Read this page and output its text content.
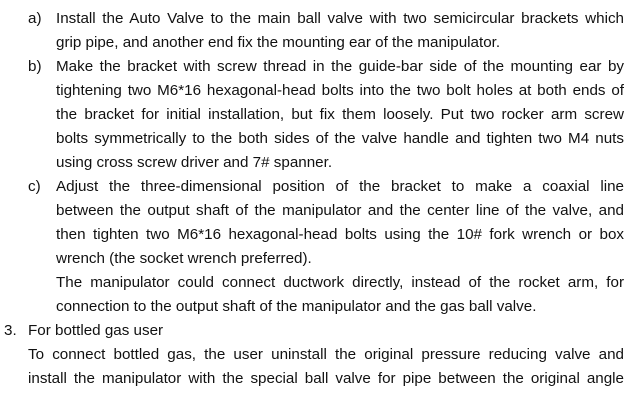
a) Install the Auto Valve to the main ball valve with two semicircular brackets which
grip pipe, and another end fix the mounting ear of the manipulator.
b) Make the bracket with screw thread in the guide-bar side of the mounting ear by
tightening two M6*16 hexagonal-head bolts into the two bolt holes at both ends of
the bracket for initial installation, but fix them loosely. Put two rocker arm screw
bolts symmetrically to the both sides of the valve handle and tighten two M4 nuts
using cross screw driver and 7# spanner.
c) Adjust the three-dimensional position of the bracket to make a coaxial line
between the output shaft of the manipulator and the center line of the valve, and
then tighten two M6*16 hexagonal-head bolts using the 10# fork wrench or box
wrench (the socket wrench preferred).
The manipulator could connect ductwork directly, instead of the rocket arm, for
connection to the output shaft of the manipulator and the gas ball valve.
3. For bottled gas user
To connect bottled gas, the user uninstall the original pressure reducing valve and
install the manipulator with the special ball valve for pipe between the original angle
